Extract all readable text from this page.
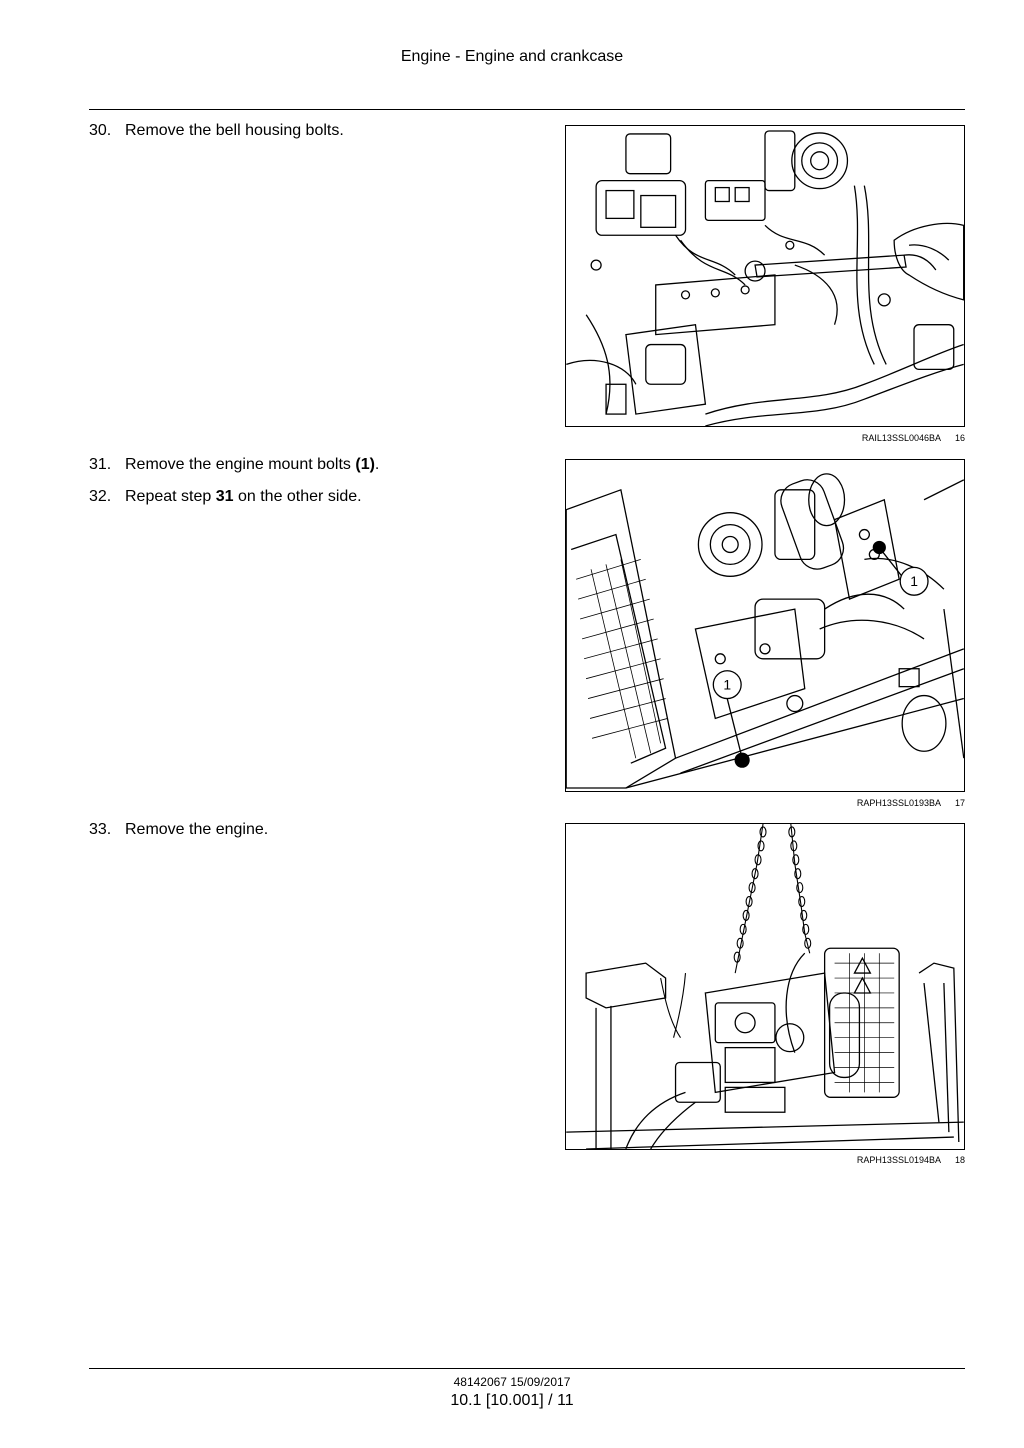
Engine - Engine and crankcase
30. Remove the bell housing bolts.
RAIL13SSL0046BA 16
31. Remove the engine mount bolts (1).
32. Repeat step 31 on the other side.
1
1
RAPH13SSL0193BA 17
33. Remove the engine.
RAPH13SSL0194BA 18
48142067 15/09/2017
10.1 [10.001] / 11
